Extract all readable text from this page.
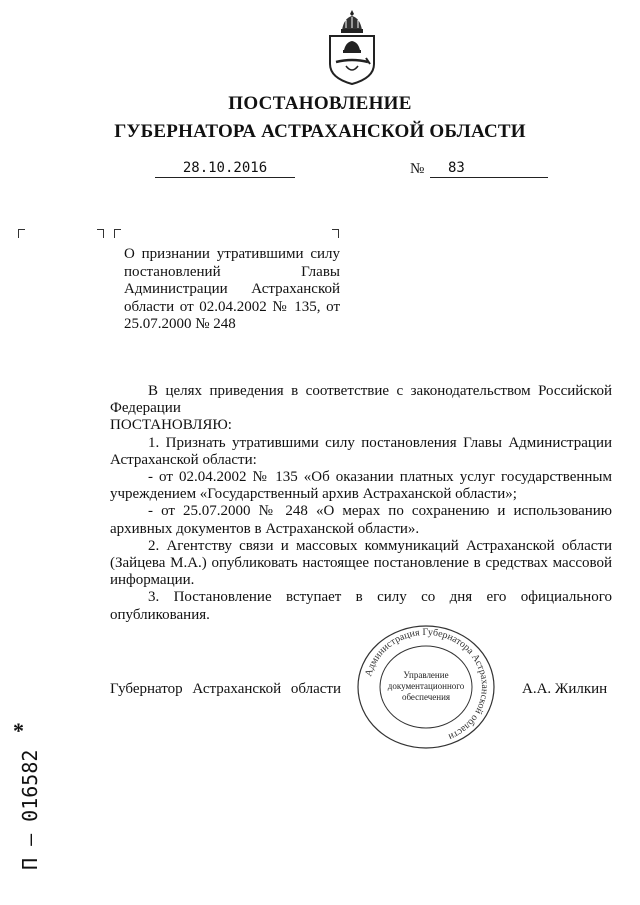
ПОСТАНОВЛЕНИЕ
ГУБЕРНАТОРА АСТРАХАНСКОЙ ОБЛАСТИ
28.10.2016	№ 83
О признании утратившими силу постановлений Главы Администрации Астраханской области от 02.04.2002 № 135, от 25.07.2000 № 248

В целях приведения в соответствие с законодательством Российской Федерации

ПОСТАНОВЛЯЮ:

1. Признать утратившими силу постановления Главы Администрации Астраханской области:

- от 02.04.2002 № 135 «Об оказании платных услуг государственным учреждением «Государственный архив Астраханской области»;

- от 25.07.2000 № 248 «О мерах по сохранению и использованию архивных документов в Астраханской области».

2. Агентству связи и массовых коммуникаций Астраханской области (Зайцева М.А.) опубликовать настоящее постановление в средствах массовой информации.

3. Постановление вступает в силу со дня его официального опубликования.

Губернатор Астраханской области	А.А. Жилкин
Администрация Губернатора Астраханской области
Управление
документационного
обеспечения
*
П – 016582
